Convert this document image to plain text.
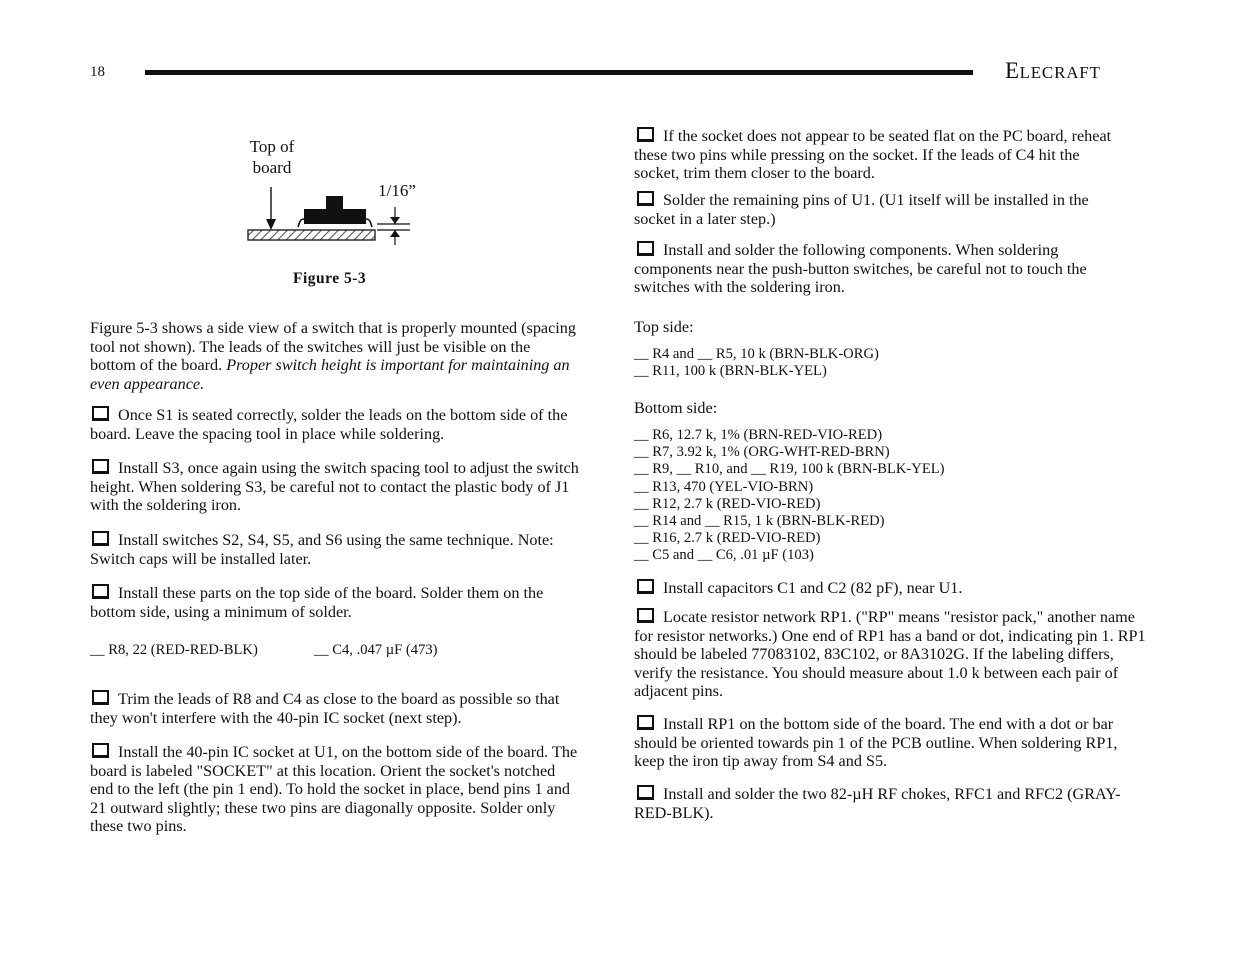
18	ELECRAFT
Top of
board
1/16”
Figure 5-3

Figure 5-3 shows a side view of a switch that is properly mounted (spacing tool not shown). The leads of the switches will just be visible on the bottom of the board. Proper switch height is important for maintaining an even appearance.

Once S1 is seated correctly, solder the leads on the bottom side of the board. Leave the spacing tool in place while soldering.

Install S3, once again using the switch spacing tool to adjust the switch height. When soldering S3, be careful not to contact the plastic body of J1 with the soldering iron.

Install switches S2, S4, S5, and S6 using the same technique. Note: Switch caps will be installed later.

Install these parts on the top side of the board. Solder them on the bottom side, using a minimum of solder.

__ R8, 22 (RED-RED-BLK)	__ C4, .047 µF (473)

Trim the leads of R8 and C4 as close to the board as possible so that they won't interfere with the 40-pin IC socket (next step).

Install the 40-pin IC socket at U1, on the bottom side of the board. The board is labeled "SOCKET" at this location. Orient the socket's notched end to the left (the pin 1 end). To hold the socket in place, bend pins 1 and 21 outward slightly; these two pins are diagonally opposite. Solder only these two pins.

If the socket does not appear to be seated flat on the PC board, reheat these two pins while pressing on the socket. If the leads of C4 hit the socket, trim them closer to the board.

Solder the remaining pins of U1. (U1 itself will be installed in the socket in a later step.)

Install and solder the following components. When soldering components near the push-button switches, be careful not to touch the switches with the soldering iron.

Top side:
__ R4 and __ R5, 10 k (BRN-BLK-ORG)
__ R11, 100 k (BRN-BLK-YEL)
Bottom side:
__ R6, 12.7 k, 1% (BRN-RED-VIO-RED)
__ R7, 3.92 k, 1% (ORG-WHT-RED-BRN)
__ R9, __ R10, and __ R19, 100 k (BRN-BLK-YEL)
__ R13, 470 (YEL-VIO-BRN)
__ R12, 2.7 k (RED-VIO-RED)
__ R14 and __ R15, 1 k (BRN-BLK-RED)
__ R16, 2.7 k (RED-VIO-RED)
__ C5 and __ C6, .01 µF (103)

Install capacitors C1 and C2 (82 pF), near U1.

Locate resistor network RP1. ("RP" means "resistor pack," another name for resistor networks.) One end of RP1 has a band or dot, indicating pin 1. RP1 should be labeled 77083102, 83C102, or 8A3102G. If the labeling differs, verify the resistance. You should measure about 1.0 k between each pair of adjacent pins.

Install RP1 on the bottom side of the board. The end with a dot or bar should be oriented towards pin 1 of the PCB outline. When soldering RP1, keep the iron tip away from S4 and S5.

Install and solder the two 82-µH RF chokes, RFC1 and RFC2 (GRAY-RED-BLK).
